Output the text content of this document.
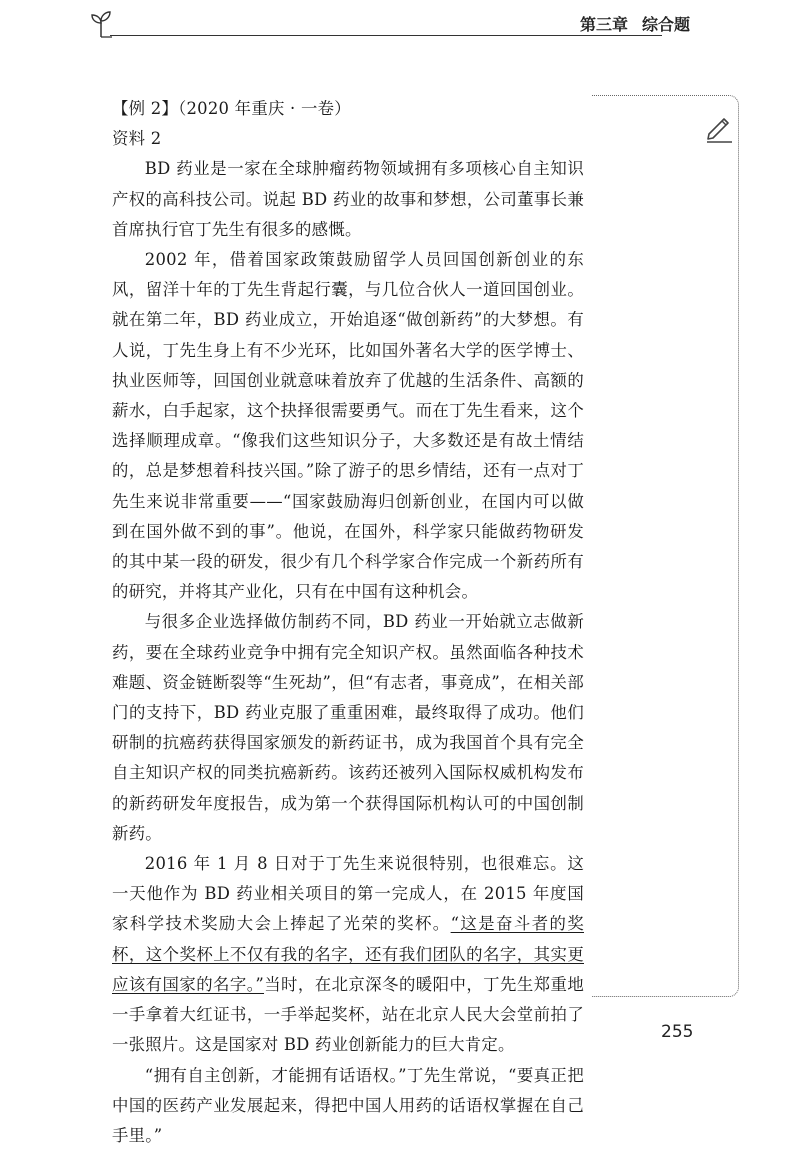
第三章 综合题

【例 2】（2020 年重庆 · 一卷）

资料 2

BD 药业是一家在全球肿瘤药物领域拥有多项核心自主知识产权的高科技公司。说起 BD 药业的故事和梦想，公司董事长兼首席执行官丁先生有很多的感慨。

2002 年，借着国家政策鼓励留学人员回国创新创业的东风，留洋十年的丁先生背起行囊，与几位合伙人一道回国创业。就在第二年，BD 药业成立，开始追逐“做创新药”的大梦想。有人说，丁先生身上有不少光环，比如国外著名大学的医学博士、执业医师等，回国创业就意味着放弃了优越的生活条件、高额的薪水，白手起家，这个抉择很需要勇气。而在丁先生看来，这个选择顺理成章。“像我们这些知识分子，大多数还是有故土情结的，总是梦想着科技兴国。”除了游子的思乡情结，还有一点对丁先生来说非常重要——“国家鼓励海归创新创业，在国内可以做到在国外做不到的事”。他说，在国外，科学家只能做药物研发的其中某一段的研发，很少有几个科学家合作完成一个新药所有的研究，并将其产业化，只有在中国有这种机会。

与很多企业选择做仿制药不同，BD 药业一开始就立志做新药，要在全球药业竞争中拥有完全知识产权。虽然面临各种技术难题、资金链断裂等“生死劫”，但“有志者，事竟成”，在相关部门的支持下，BD 药业克服了重重困难，最终取得了成功。他们研制的抗癌药获得国家颁发的新药证书，成为我国首个具有完全自主知识产权的同类抗癌新药。该药还被列入国际权威机构发布的新药研发年度报告，成为第一个获得国际机构认可的中国创制新药。

2016 年 1 月 8 日对于丁先生来说很特别，也很难忘。这一天他作为 BD 药业相关项目的第一完成人，在 2015 年度国家科学技术奖励大会上捧起了光荣的奖杯。“这是奋斗者的奖杯，这个奖杯上不仅有我的名字，还有我们团队的名字，其实更应该有国家的名字。”当时，在北京深冬的暖阳中，丁先生郑重地一手拿着大红证书，一手举起奖杯，站在北京人民大会堂前拍了一张照片。这是国家对 BD 药业创新能力的巨大肯定。

“拥有自主创新，才能拥有话语权。”丁先生常说，“要真正把中国的医药产业发展起来，得把中国人用药的话语权掌握在自己手里。”

255
